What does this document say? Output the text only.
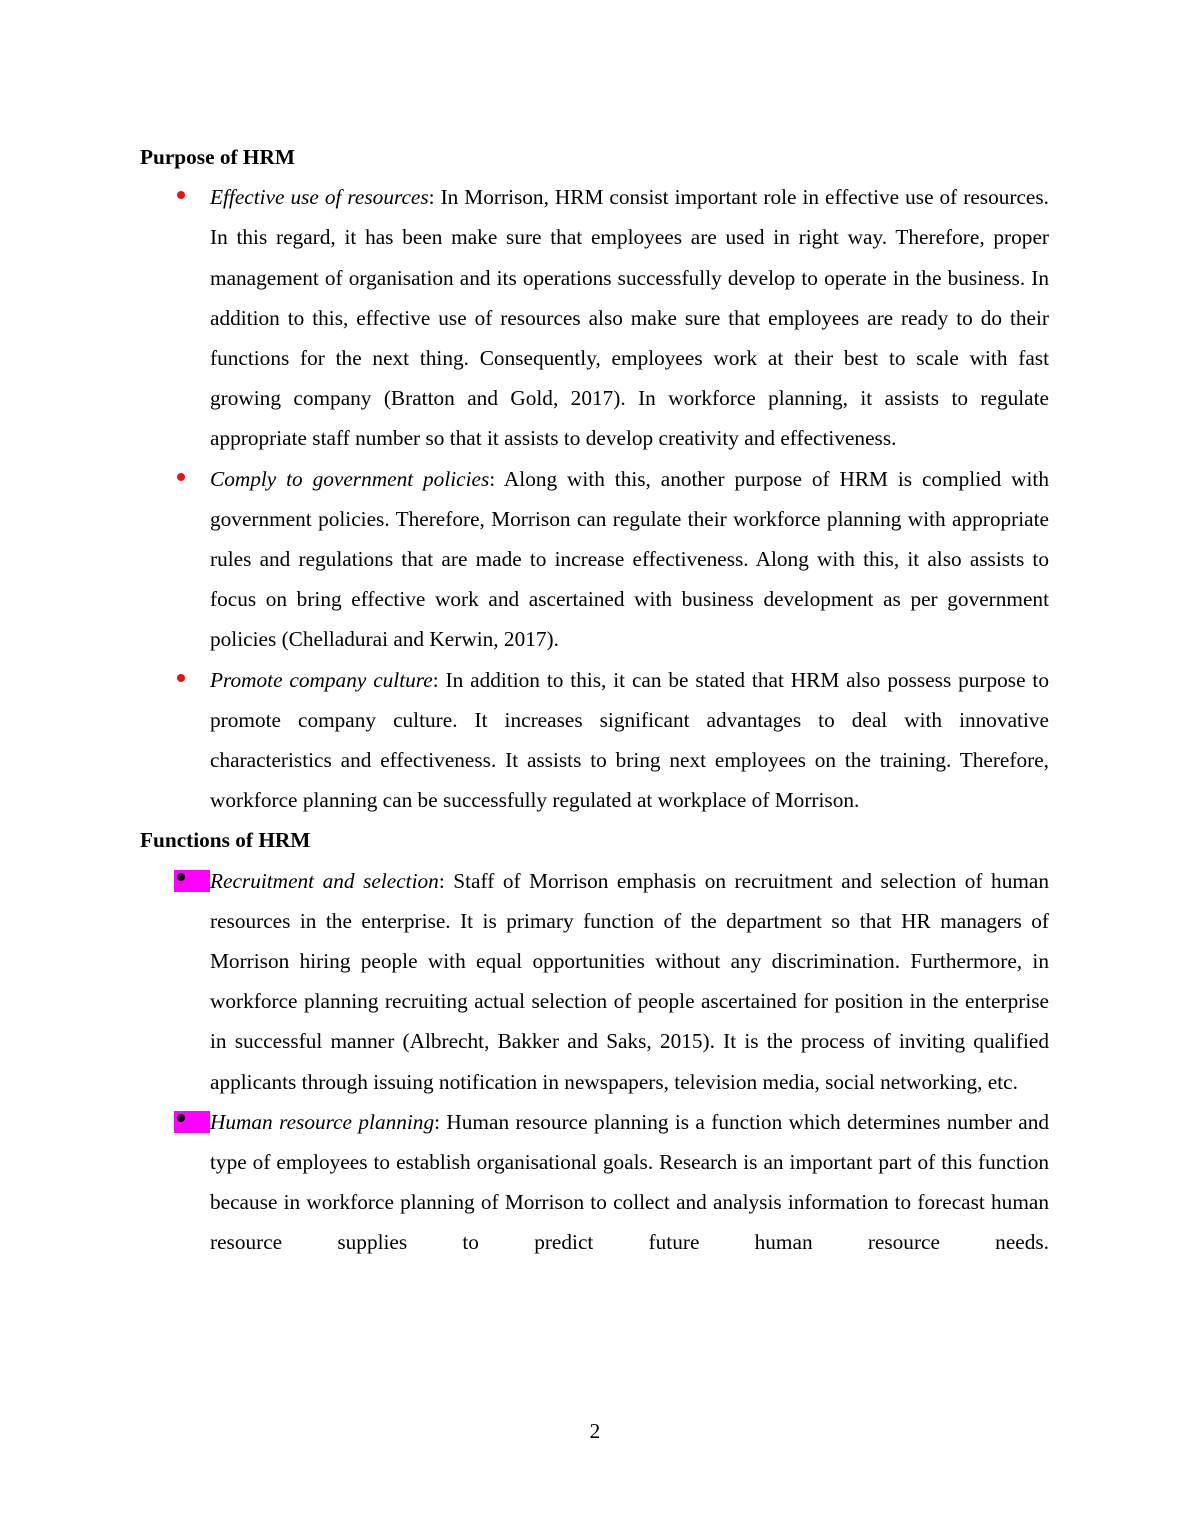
Purpose of HRM
Effective use of resources: In Morrison, HRM consist important role in effective use of resources. In this regard, it has been make sure that employees are used in right way. Therefore, proper management of organisation and its operations successfully develop to operate in the business. In addition to this, effective use of resources also make sure that employees are ready to do their functions for the next thing. Consequently, employees work at their best to scale with fast growing company (Bratton and Gold, 2017). In workforce planning, it assists to regulate appropriate staff number so that it assists to develop creativity and effectiveness.
Comply to government policies: Along with this, another purpose of HRM is complied with government policies. Therefore, Morrison can regulate their workforce planning with appropriate rules and regulations that are made to increase effectiveness. Along with this, it also assists to focus on bring effective work and ascertained with business development as per government policies (Chelladurai and Kerwin, 2017).
Promote company culture: In addition to this, it can be stated that HRM also possess purpose to promote company culture. It increases significant advantages to deal with innovative characteristics and effectiveness. It assists to bring next employees on the training. Therefore, workforce planning can be successfully regulated at workplace of Morrison.
Functions of HRM
Recruitment and selection: Staff of Morrison emphasis on recruitment and selection of human resources in the enterprise. It is primary function of the department so that HR managers of Morrison hiring people with equal opportunities without any discrimination. Furthermore, in workforce planning recruiting actual selection of people ascertained for position in the enterprise in successful manner (Albrecht, Bakker and Saks, 2015). It is the process of inviting qualified applicants through issuing notification in newspapers, television media, social networking, etc.
Human resource planning: Human resource planning is a function which determines number and type of employees to establish organisational goals. Research is an important part of this function because in workforce planning of Morrison to collect and analysis information to forecast human resource supplies to predict future human resource needs.
2
